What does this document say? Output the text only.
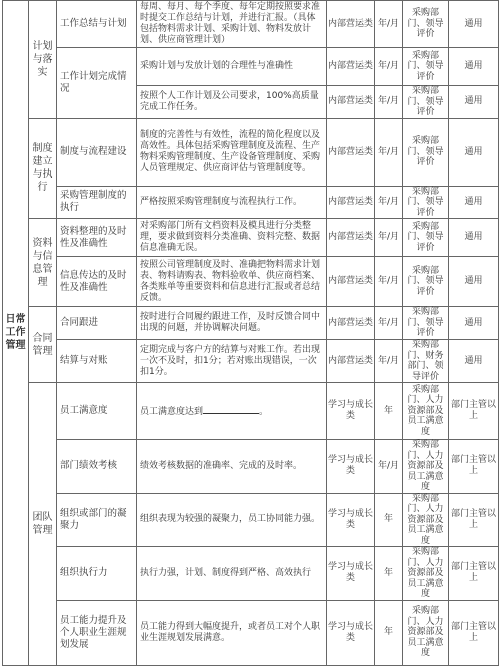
日常工作管理	计划与落实	工作总结与计划	每周、每月、每个季度、每年定期按照要求准时提交工作总结与计划，并进行汇报。（具体包括物料需求计划、采购计划、物料发放计划、供应商管理计划）	内部营运类	年/月	采购部门、领导评价	通用
		工作计划完成情况	采购计划与发放计划的合理性与准确性	内部营运类	年/月	采购部门、领导评价	通用
			按照个人工作计划及公司要求，100%高质量完成工作任务。	内部营运类	年/月	采购部门、领导评价	通用
	制度建立与执行	制度与流程建设	制度的完善性与有效性，流程的简化程度以及高效性。具体包括采购管理制度及流程、生产物料采购管理制度、生产设备管理制度、采购人员管理规定、供应商评估与管理制度等。	内部营运类	年/月	采购部门、领导评价	通用
		采购管理制度的执行	严格按照采购管理制度与流程执行工作。	内部营运类	年/月	采购部门、领导评价	通用
	资料与信息管理	资料整理的及时性及准确性	对采购部门所有文档资料及模具进行分类整理，要求做到资料分类准确、资料完整、数据信息准确无误。	内部营运类	年/月	采购部门、领导评价	通用
		信息传达的及时性及准确性	按照公司管理制度及时、准确把物料需求计划表、物料请购表、物料验收单、供应商档案、各类账单等重要资料和信息进行汇报或者总结反馈。	内部营运类	年/月	采购部门、领导评价	通用
	合同管理	合同跟进	按时进行合同履约跟进工作，及时反馈合同中出现的问题，并协调解决问题。	内部营运类	年/月	采购部门、领导评价	通用
		结算与对账	定期完成与客户方的结算与对账工作。若出现一次不及时，扣1分；若对账出现错误，一次扣1分。	内部营运类	年/月	采购部门、财务部门、领导评价	通用
	团队管理	员工满意度	员工满意度达到 。	学习与成长类	年	采购部门、人力资源部及员工满意度	部门主管以上
		部门绩效考核	绩效考核数据的准确率、完成的及时率。	学习与成长类	年/月	采购部门、人力资源部及员工满意度	部门主管以上
		组织或部门的凝聚力	组织表现为较强的凝聚力，员工协同能力强。	学习与成长类	年	采购部门、人力资源部及员工满意度	部门主管以上
		组织执行力	执行力强，计划、制度得到严格、高效执行	学习与成长类	年	采购部门、人力资源部及员工满意度	部门主管以上
		员工能力提升及个人职业生涯规划发展	员工能力得到大幅度提升，或者员工对个人职业生涯规划发展满意。	学习与成长类	年	采购部门、人力资源部及员工满意度	部门主管以上
